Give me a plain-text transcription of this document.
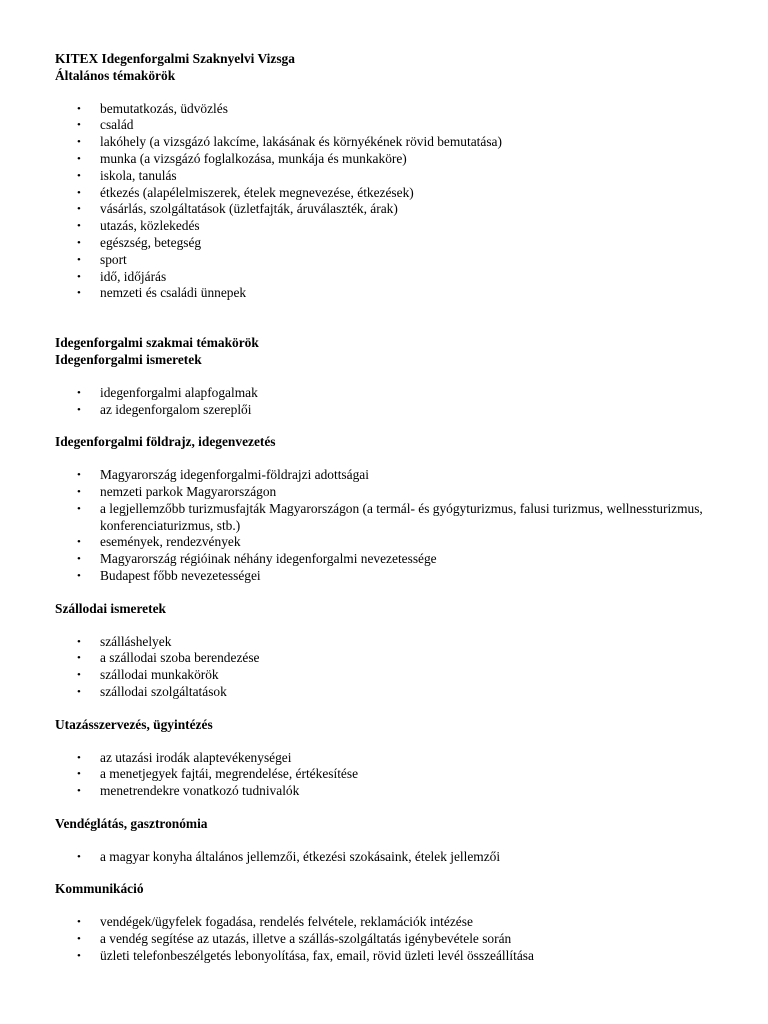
KITEX Idegenforgalmi Szaknyelvi Vizsga
Általános témakörök
• bemutatkozás, üdvözlés
• család
• lakóhely (a vizsgázó lakcíme, lakásának és környékének rövid bemutatása)
• munka (a vizsgázó foglalkozása, munkája és munkaköre)
• iskola, tanulás
• étkezés (alapélelmiszerek, ételek megnevezése, étkezések)
• vásárlás, szolgáltatások (üzletfajták, áruválaszték, árak)
• utazás, közlekedés
• egészség, betegség
• sport
• idő, időjárás
• nemzeti és családi ünnepek
Idegenforgalmi szakmai témakörök
Idegenforgalmi ismeretek
• idegenforgalmi alapfogalmak
• az idegenforgalom szereplői
Idegenforgalmi földrajz, idegenvezetés
• Magyarország idegenforgalmi-földrajzi adottságai
• nemzeti parkok Magyarországon
• a legjellemzőbb turizmusfajták Magyarországon (a termál- és gyógyturizmus, falusi turizmus, wellnessturizmus, konferenciaturizmus, stb.)
• események, rendezvények
• Magyarország régióinak néhány idegenforgalmi nevezetessége
• Budapest főbb nevezetességei
Szállodai ismeretek
• szálláshelyek
• a szállodai szoba berendezése
• szállodai munkakörök
• szállodai szolgáltatások
Utazásszervezés, ügyintézés
• az utazási irodák alaptevékenységei
• a menetjegyek fajtái, megrendelése, értékesítése
• menetrendekre vonatkozó tudnivalók
Vendéglátás, gasztronómia
• a magyar konyha általános jellemzői, étkezési szokásaink, ételek jellemzői
Kommunikáció
• vendégek/ügyfelek fogadása, rendelés felvétele, reklamációk intézése
• a vendég segítése az utazás, illetve a szállás-szolgáltatás igénybevétele során
• üzleti telefonbeszélgetés lebonyolítása, fax, email, rövid üzleti levél összeállítása
